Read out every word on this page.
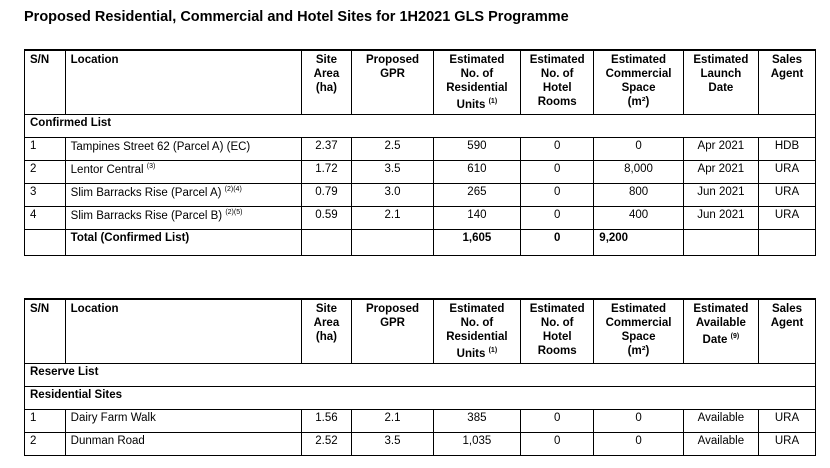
Proposed Residential, Commercial and Hotel Sites for 1H2021 GLS Programme
S/N	Location	Site
Area
(ha)	Proposed
GPR	Estimated
No. of
Residential
Units $^{(1)}$	Estimated
No. of
Hotel
Rooms	Estimated
Commercial
Space
(m²)	Estimated
Launch
Date	Sales
Agent
Confirmed List								
1	Tampines Street 62 (Parcel A) (EC)	2.37	2.5	590	0	0	Apr 2021	HDB
2	Lentor Central $^{(3)}$	1.72	3.5	610	0	8,000	Apr 2021	URA
3	Slim Barracks Rise (Parcel A) $^{(2)(4)}$	0.79	3.0	265	0	800	Jun 2021	URA
4	Slim Barracks Rise (Parcel B) $^{(2)(5)}$	0.59	2.1	140	0	400	Jun 2021	URA
	Total (Confirmed List)			1,605	0	9,200		
S/N	Location	Site
Area
(ha)	Proposed
GPR	Estimated
No. of
Residential
Units $^{(1)}$	Estimated
No. of
Hotel
Rooms	Estimated
Commercial
Space
(m²)	Estimated
Available
Date $^{(9)}$	Sales
Agent
Reserve List								
Residential Sites								
1	Dairy Farm Walk	1.56	2.1	385	0	0	Available	URA
2	Dunman Road	2.52	3.5	1,035	0	0	Available	URA
